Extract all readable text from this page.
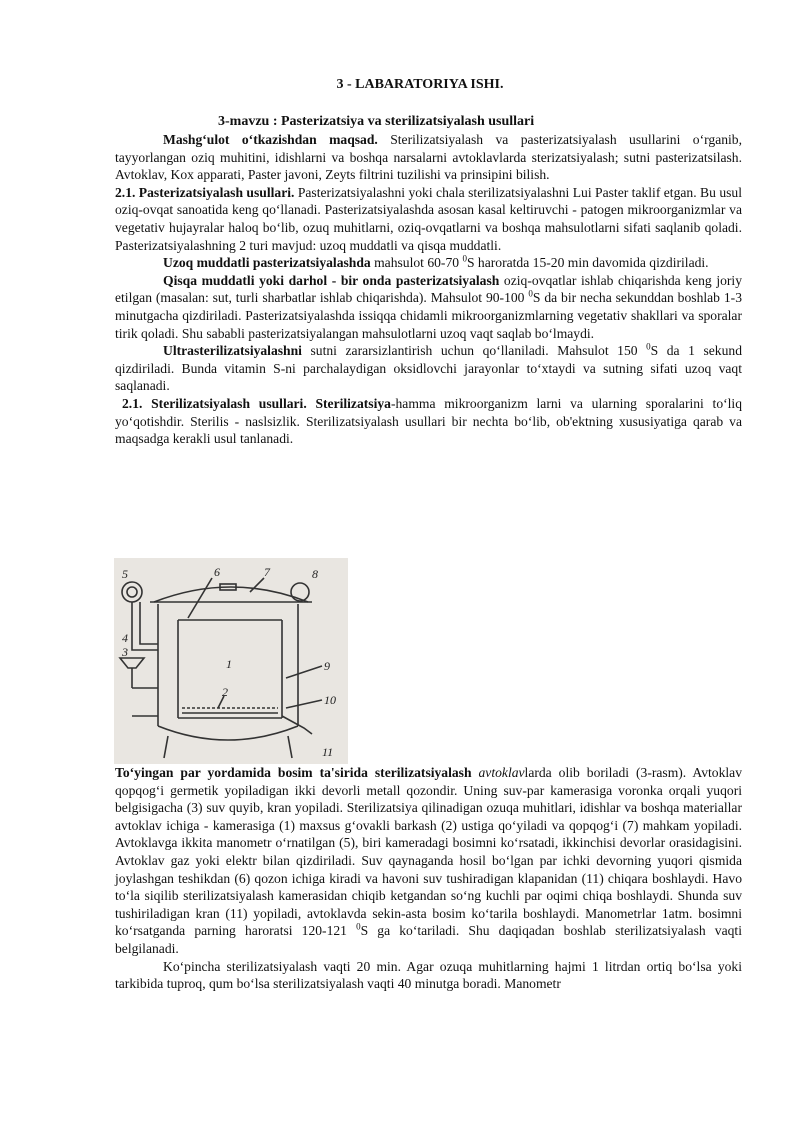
3 - LABARATORIYA ISHI.
3-mavzu : Pasterizatsiya va sterilizatsiyalash usullari

Mashg‘ulot o‘tkazishdan maqsad. Sterilizatsiyalash va pasterizatsiyalash usullarini o‘rganib, tayyorlangan oziq muhitini, idishlarni va boshqa narsalarni avtoklavlarda sterizatsiyalash; sutni pasterizatsilash. Avtoklav, Kox apparati, Paster javoni, Zeyts filtrini tuzilishi va prinsipini bilish.

2.1. Pasterizatsiyalash usullari. Pasterizatsiyalashni yoki chala sterilizatsiyalashni Lui Paster taklif etgan. Bu usul oziq-ovqat sanoatida keng qo‘llanadi. Pasterizatsiyalashda asosan kasal keltiruvchi - patogen mikroorganizmlar va vegetativ hujayralar haloq bo‘lib, ozuq muhitlarni, oziq-ovqatlarni va boshqa mahsulotlarni sifati saqlanib qoladi. Pasterizatsiyalashning 2 turi mavjud: uzoq muddatli va qisqa muddatli.

Uzoq muddatli pasterizatsiyalashda mahsulot 60-70 $^0$S haroratda 15-20 min davomida qizdiriladi.

Qisqa muddatli yoki darhol - bir onda pasterizatsiyalash oziq-ovqatlar ishlab chiqarishda keng joriy etilgan (masalan: sut, turli sharbatlar ishlab chiqarishda). Mahsulot 90-100 $^0$S da bir necha sekunddan boshlab 1-3 minutgacha qizdiriladi. Pasterizatsiyalashda issiqqa chidamli mikroorganizmlarning vegetativ shakllari va sporalar tirik qoladi. Shu sababli pasterizatsiyalangan mahsulotlarni uzoq vaqt saqlab bo‘lmaydi.

Ultrasterilizatsiyalashni sutni zararsizlantirish uchun qo‘llaniladi. Mahsulot 150 $^0$S da 1 sekund qizdiriladi. Bunda vitamin S-ni parchalaydigan oksidlovchi jarayonlar to‘xtaydi va sutning sifati uzoq vaqt saqlanadi.

2.1. Sterilizatsiyalash usullari. Sterilizatsiya-hamma mikroorganizm larni va ularning sporalarini to‘liq yo‘qotishdir. Sterilis - naslsizlik. Sterilizatsiyalash usullari bir nechta bo‘lib, ob'ektning xususiyatiga qarab va maqsadga kerakli usul tanlanadi.

5	6	7	8
4
3
1	9
2
10
11

To‘yingan par yordamida bosim ta'sirida sterilizatsiyalash avtoklavlarda olib boriladi (3-rasm). Avtoklav qopqog‘i germetik yopiladigan ikki devorli metall qozondir. Uning suv-par kamerasiga voronka orqali yuqori belgisigacha (3) suv quyib, kran yopiladi. Sterilizatsiya qilinadigan ozuqa muhitlari, idishlar va boshqa materiallar avtoklav ichiga - kamerasiga (1) maxsus g‘ovakli barkash (2) ustiga qo‘yiladi va qopqog‘i (7) mahkam yopiladi. Avtoklavga ikkita manometr o‘rnatilgan (5), biri kameradagi bosimni ko‘rsatadi, ikkinchisi devorlar orasidagisini. Avtoklav gaz yoki elektr bilan qizdiriladi. Suv qaynaganda hosil bo‘lgan par ichki devorning yuqori qismida joylashgan teshikdan (6) qozon ichiga kiradi va havoni suv tushiradigan klapanidan (11) chiqara boshlaydi. Havo to‘la siqilib sterilizatsiyalash kamerasidan chiqib ketgandan so‘ng kuchli par oqimi chiqa boshlaydi. Shunda suv tushiriladigan kran (11) yopiladi, avtoklavda sekin-asta bosim ko‘tarila boshlaydi. Manometrlar 1atm. bosimni ko‘rsatganda parning haroratsi 120-121 $^0$S ga ko‘tariladi. Shu daqiqadan boshlab sterilizatsiyalash vaqti belgilanadi.

Ko‘pincha sterilizatsiyalash vaqti 20 min. Agar ozuqa muhitlarning hajmi 1 litrdan ortiq bo‘lsa yoki tarkibida tuproq, qum bo‘lsa sterilizatsiyalash vaqti 40 minutga boradi. Manometr
